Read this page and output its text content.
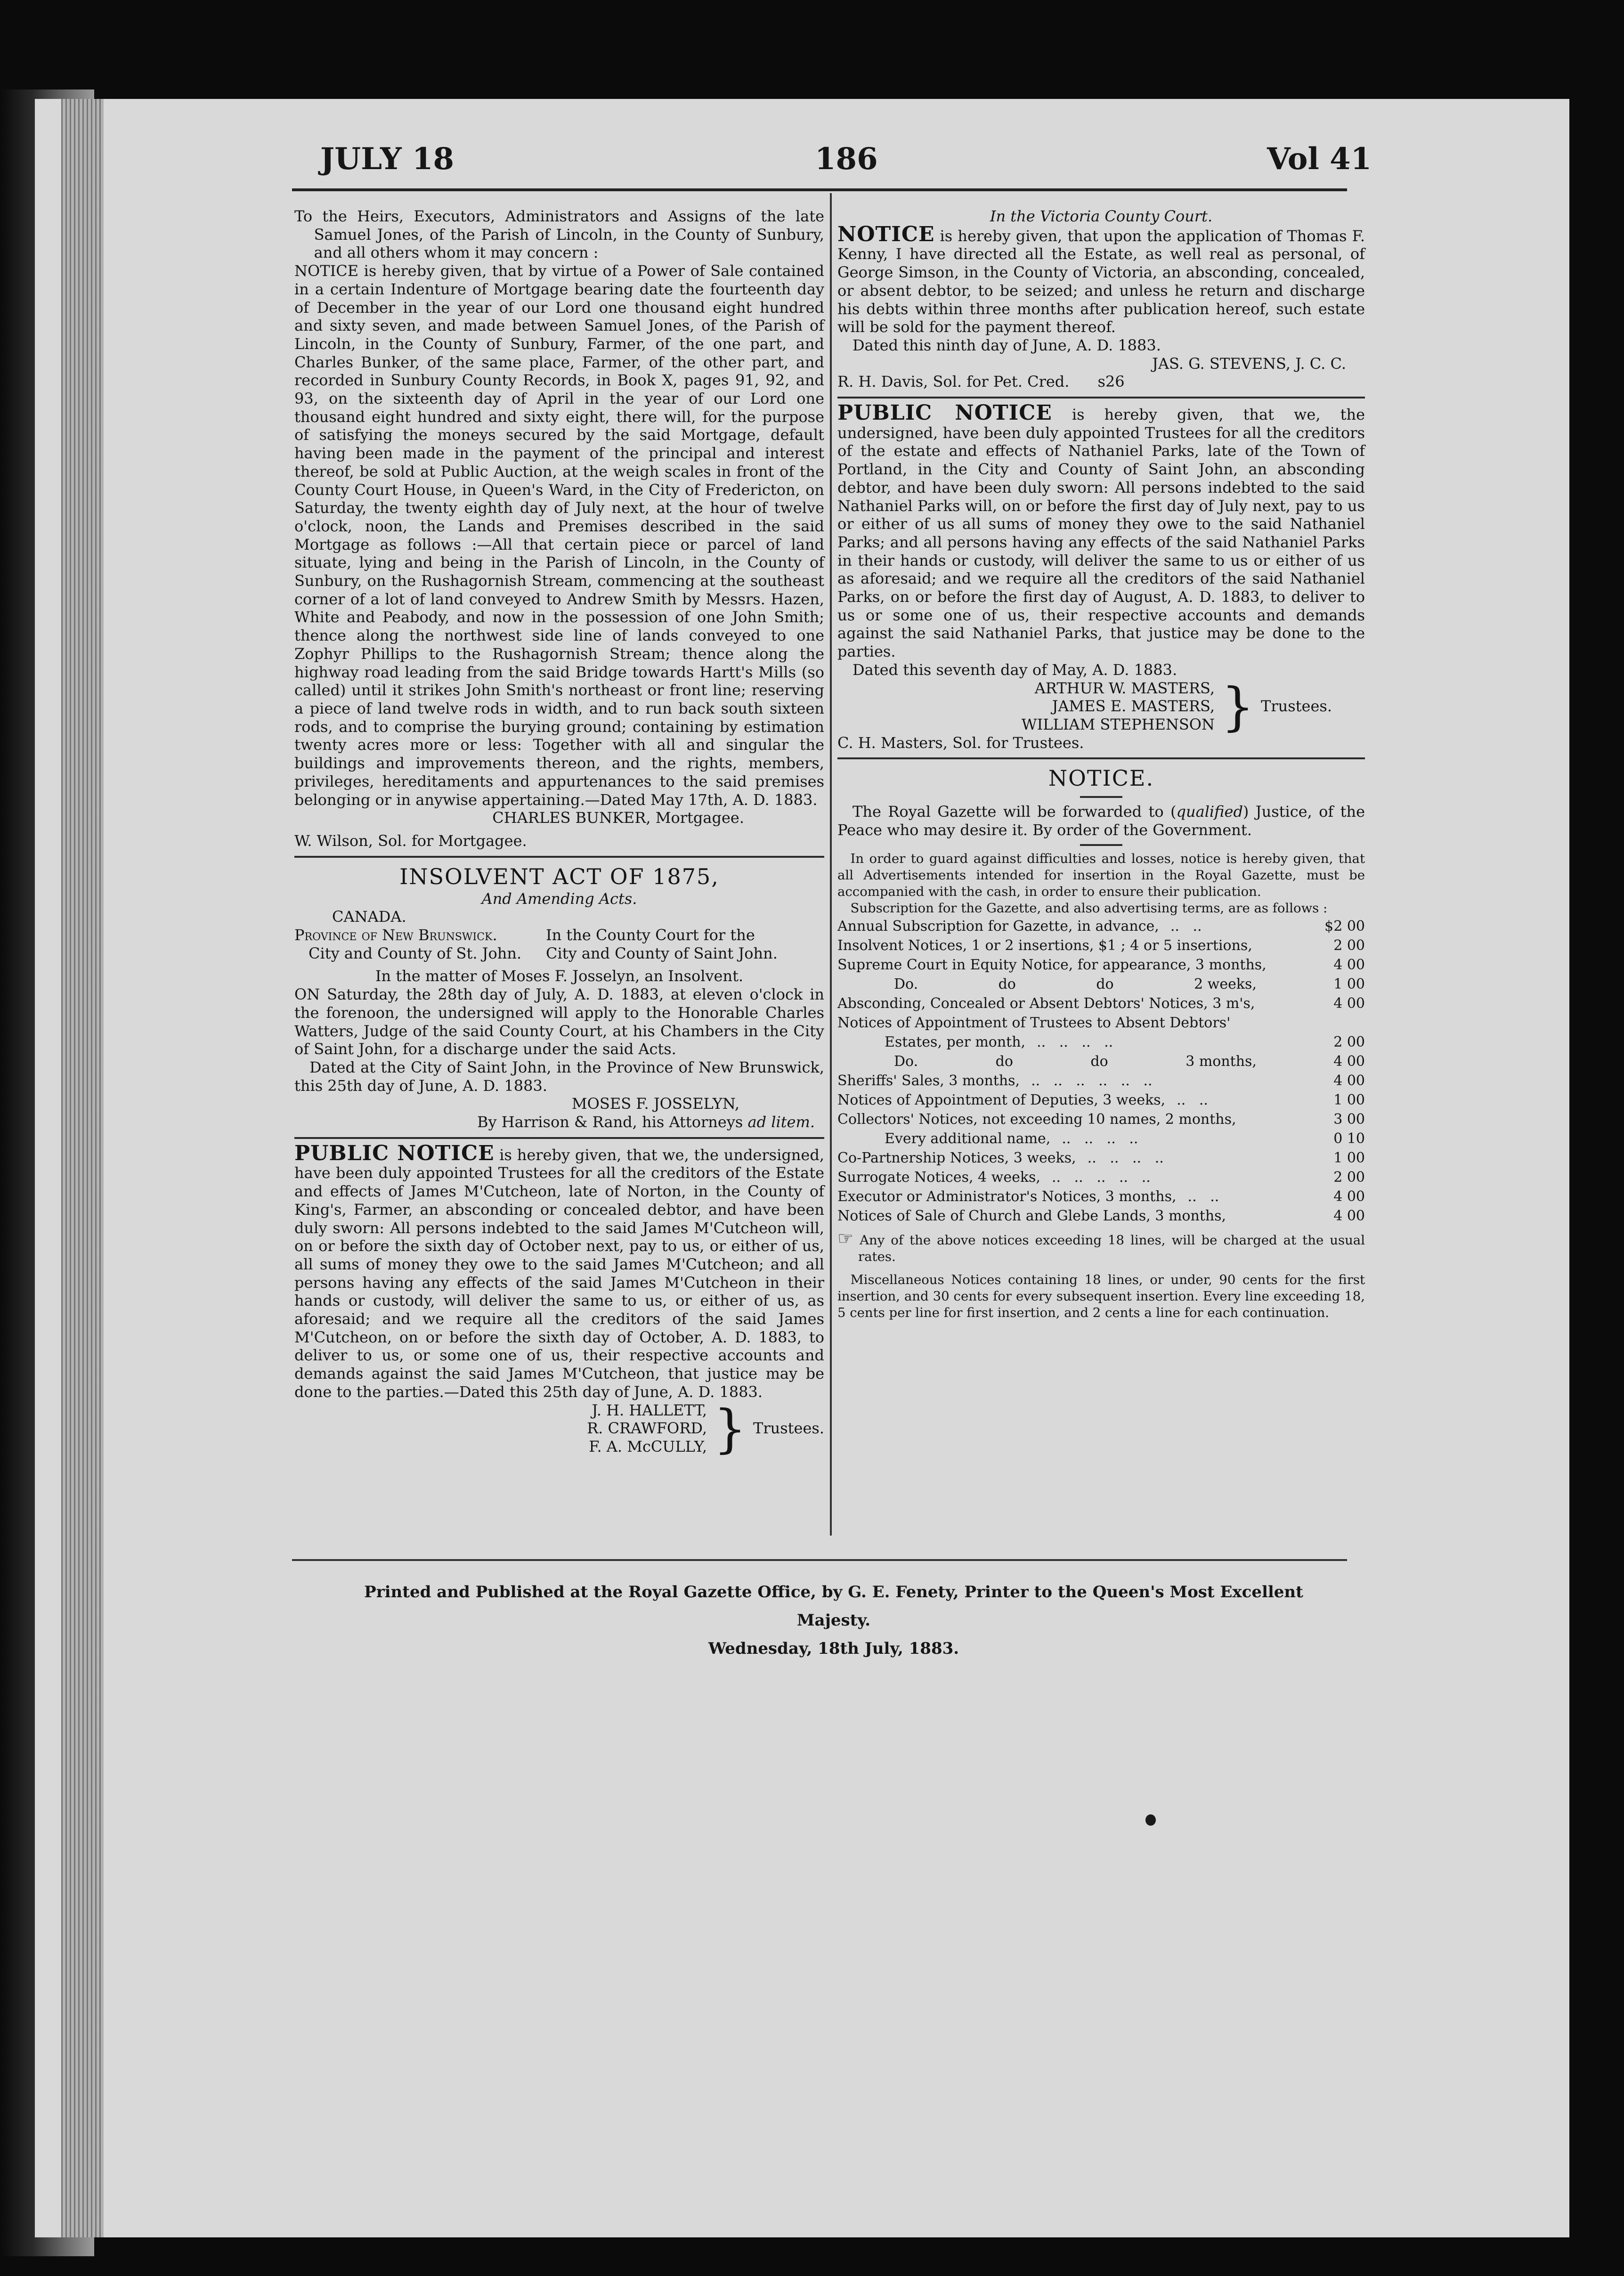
JULY 18	186	Vol 41

To the Heirs, Executors, Administrators and Assigns of the late Samuel Jones, of the Parish of Lincoln, in the County of Sunbury, and all others whom it may concern :

NOTICE is hereby given, that by virtue of a Power of Sale contained in a certain Indenture of Mortgage bearing date the fourteenth day of December in the year of our Lord one thousand eight hundred and sixty seven, and made between Samuel Jones, of the Parish of Lincoln, in the County of Sunbury, Farmer, of the one part, and Charles Bunker, of the same place, Farmer, of the other part, and recorded in Sunbury County Records, in Book X, pages 91, 92, and 93, on the sixteenth day of April in the year of our Lord one thousand eight hundred and sixty eight, there will, for the purpose of satisfying the moneys secured by the said Mortgage, default having been made in the payment of the principal and interest thereof, be sold at Public Auction, at the weigh scales in front of the County Court House, in Queen's Ward, in the City of Fredericton, on Saturday, the twenty eighth day of July next, at the hour of twelve o'clock, noon, the Lands and Premises described in the said Mortgage as follows :—All that certain piece or parcel of land situate, lying and being in the Parish of Lincoln, in the County of Sunbury, on the Rushagornish Stream, commencing at the southeast corner of a lot of land conveyed to Andrew Smith by Messrs. Hazen, White and Peabody, and now in the possession of one John Smith; thence along the northwest side line of lands conveyed to one Zophyr Phillips to the Rushagornish Stream; thence along the highway road leading from the said Bridge towards Hartt's Mills (so called) until it strikes John Smith's northeast or front line; reserving a piece of land twelve rods in width, and to run back south sixteen rods, and to comprise the burying ground; containing by estimation twenty acres more or less: Together with all and singular the buildings and improvements thereon, and the rights, members, privileges, hereditaments and appurtenances to the said premises belonging or in anywise appertaining.—Dated May 17th, A. D. 1883.

CHARLES BUNKER, Mortgagee.

W. Wilson, Sol. for Mortgagee.

INSOLVENT ACT OF 1875,

And Amending Acts.

CANADA.

Province of New Brunswick.

City and County of St. John.

In the County Court for the

City and County of Saint John.

In the matter of Moses F. Josselyn, an Insolvent.

ON Saturday, the 28th day of July, A. D. 1883, at eleven o'clock in the forenoon, the undersigned will apply to the Honorable Charles Watters, Judge of the said County Court, at his Chambers in the City of Saint John, for a discharge under the said Acts.

Dated at the City of Saint John, in the Province of New Brunswick, this 25th day of June, A. D. 1883.

MOSES F. JOSSELYN,

By Harrison & Rand, his Attorneys ad litem.

PUBLIC NOTICE is hereby given, that we, the undersigned, have been duly appointed Trustees for all the creditors of the Estate and effects of James M'Cutcheon, late of Norton, in the County of King's, Farmer, an absconding or concealed debtor, and have been duly sworn: All persons indebted to the said James M'Cutcheon will, on or before the sixth day of October next, pay to us, or either of us, all sums of money they owe to the said James M'Cutcheon; and all persons having any effects of the said James M'Cutcheon in their hands or custody, will deliver the same to us, or either of us, as aforesaid; and we require all the creditors of the said James M'Cutcheon, on or before the sixth day of October, A. D. 1883, to deliver to us, or some one of us, their respective accounts and demands against the said James M'Cutcheon, that justice may be done to the parties.—Dated this 25th day of June, A. D. 1883.

J. H. HALLETT,

R. CRAWFORD,

F. A. McCULLY, } Trustees.

In the Victoria County Court.

NOTICE is hereby given, that upon the application of Thomas F. Kenny, I have directed all the Estate, as well real as personal, of George Simson, in the County of Victoria, an absconding, concealed, or absent debtor, to be seized; and unless he return and discharge his debts within three months after publication hereof, such estate will be sold for the payment thereof.

Dated this ninth day of June, A. D. 1883.

JAS. G. STEVENS, J. C. C.

R. H. Davis, Sol. for Pet. Cred. s26

PUBLIC NOTICE is hereby given, that we, the undersigned, have been duly appointed Trustees for all the creditors of the estate and effects of Nathaniel Parks, late of the Town of Portland, in the City and County of Saint John, an absconding debtor, and have been duly sworn: All persons indebted to the said Nathaniel Parks will, on or before the first day of July next, pay to us or either of us all sums of money they owe to the said Nathaniel Parks; and all persons having any effects of the said Nathaniel Parks in their hands or custody, will deliver the same to us or either of us as aforesaid; and we require all the creditors of the said Nathaniel Parks, on or before the first day of August, A. D. 1883, to deliver to us or some one of us, their respective accounts and demands against the said Nathaniel Parks, that justice may be done to the parties.

Dated this seventh day of May, A. D. 1883.

ARTHUR W. MASTERS,

JAMES E. MASTERS,

WILLIAM STEPHENSON } Trustees.

C. H. Masters, Sol. for Trustees.

NOTICE.

The Royal Gazette will be forwarded to (qualified) Justice, of the Peace who may desire it. By order of the Government.

In order to guard against difficulties and losses, notice is hereby given, that all Advertisements intended for insertion in the Royal Gazette, must be accompanied with the cash, in order to ensure their publication.

Subscription for the Gazette, and also advertising terms, are as follows :

Annual Subscription for Gazette, in advance, ..   ..	$2 00
Insolvent Notices, 1 or 2 insertions, $1 ; 4 or 5 insertions,	2 00
Supreme Court in Equity Notice, for appearance, 3 months,	4 00

Do. do do 2 weeks,	1 00
Absconding, Concealed or Absent Debtors' Notices, 3 m's,	4 00
Notices of Appointment of Trustees to Absent Debtors'	
Estates, per month, ..   ..   ..   ..	2 00

Do. do do 3 months,	4 00
Sheriffs' Sales, 3 months, ..   ..   ..   ..   ..   ..	4 00
Notices of Appointment of Deputies, 3 weeks, ..   ..	1 00
Collectors' Notices, not exceeding 10 names, 2 months,	3 00
Every additional name, ..   ..   ..   ..	0 10
Co-Partnership Notices, 3 weeks, ..   ..   ..   ..	1 00
Surrogate Notices, 4 weeks, ..   ..   ..   ..   ..	2 00
Executor or Administrator's Notices, 3 months, ..   ..	4 00
Notices of Sale of Church and Glebe Lands, 3 months,	4 00

☞ Any of the above notices exceeding 18 lines, will be charged at the usual rates.

Miscellaneous Notices containing 18 lines, or under, 90 cents for the first insertion, and 30 cents for every subsequent insertion. Every line exceeding 18, 5 cents per line for first insertion, and 2 cents a line for each continuation.

Printed and Published at the Royal Gazette Office, by G. E. Fenety, Printer to the Queen's Most Excellent Majesty.

Wednesday, 18th July, 1883.
